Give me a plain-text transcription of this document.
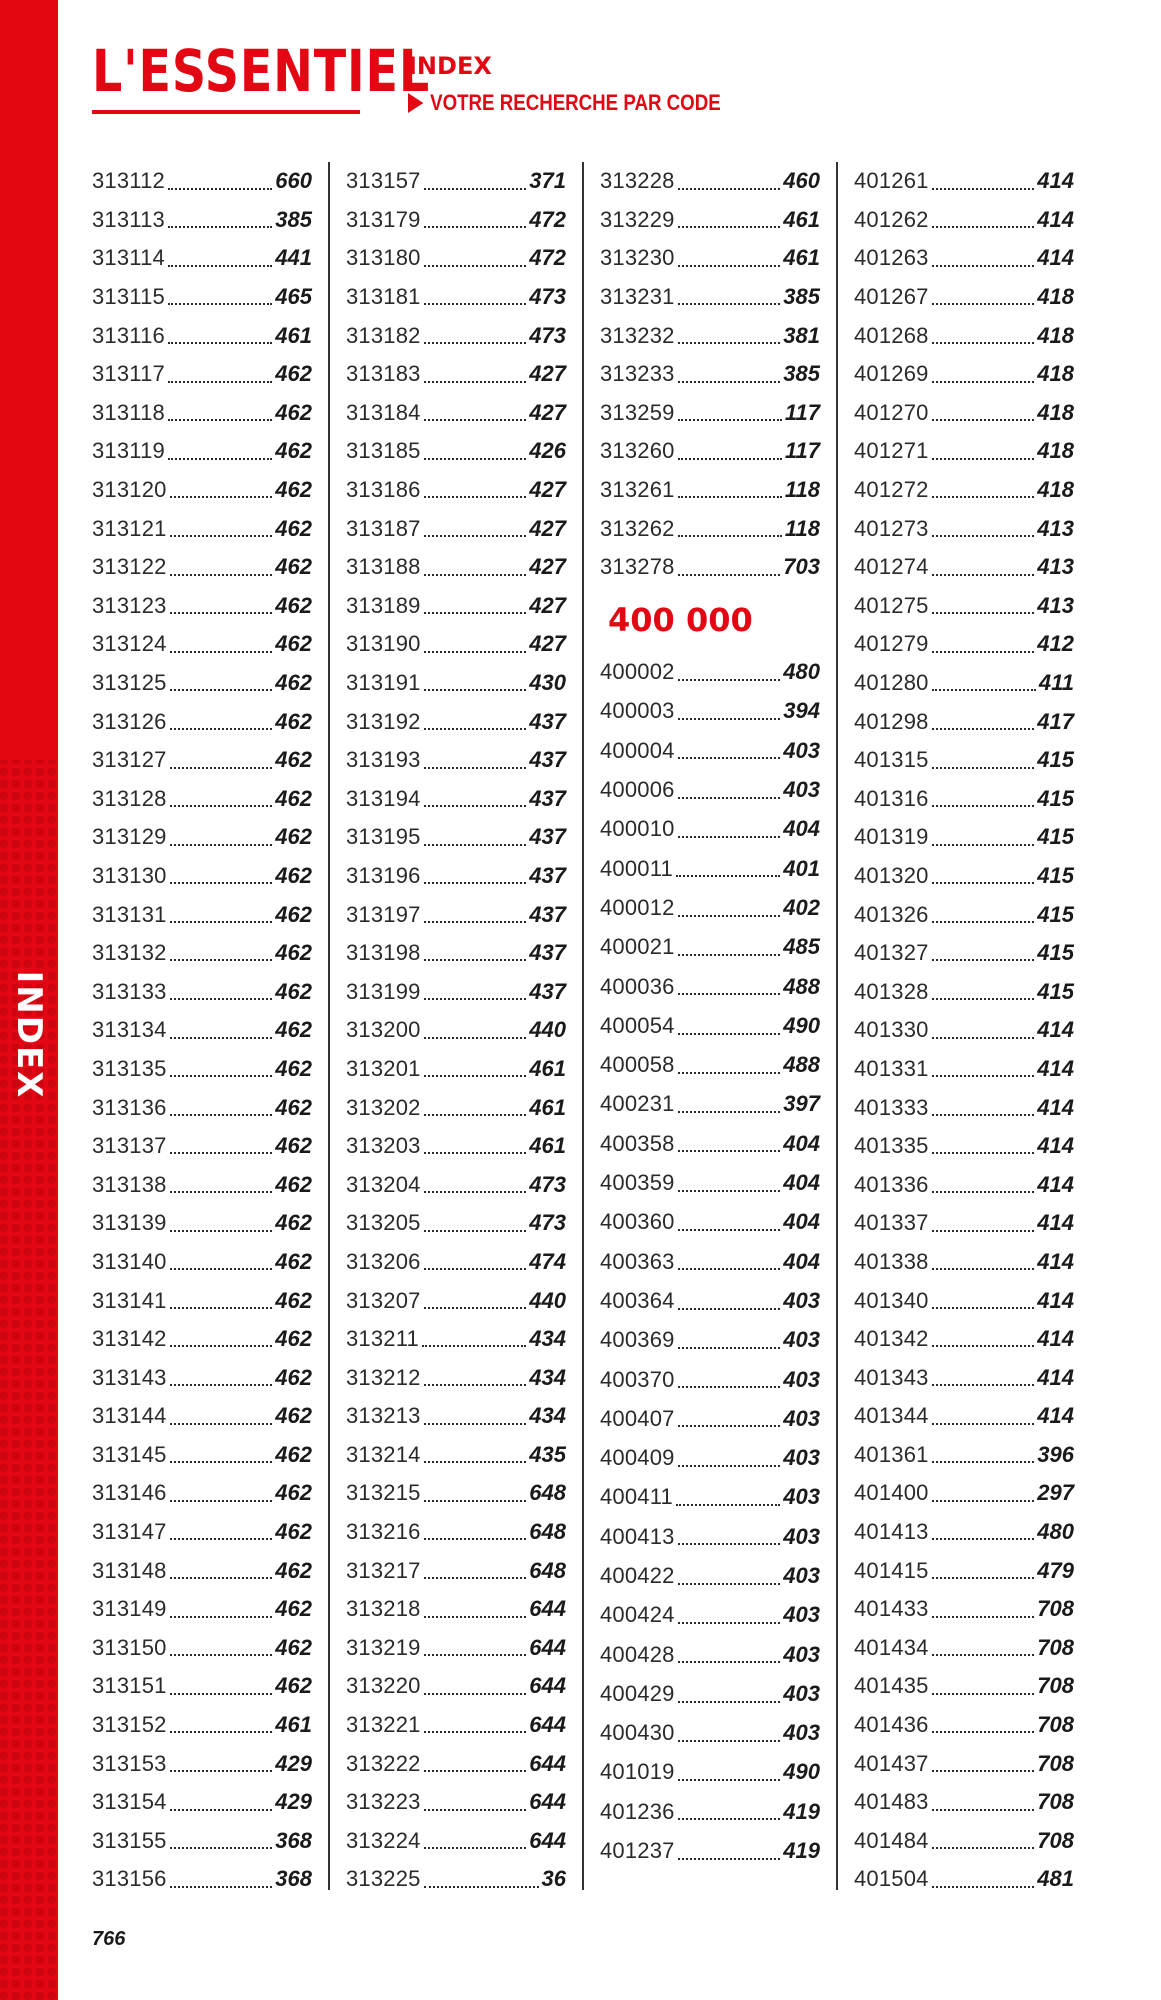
INDEX
L'ESSENTIEL
INDEX
VOTRE RECHERCHE PAR CODE
313112	660
313113	385
313114	441
313115	465
313116	461
313117	462
313118	462
313119	462
313120	462
313121	462
313122	462
313123	462
313124	462
313125	462
313126	462
313127	462
313128	462
313129	462
313130	462
313131	462
313132	462
313133	462
313134	462
313135	462
313136	462
313137	462
313138	462
313139	462
313140	462
313141	462
313142	462
313143	462
313144	462
313145	462
313146	462
313147	462
313148	462
313149	462
313150	462
313151	462
313152	461
313153	429
313154	429
313155	368
313156	368
313157	371
313179	472
313180	472
313181	473
313182	473
313183	427
313184	427
313185	426
313186	427
313187	427
313188	427
313189	427
313190	427
313191	430
313192	437
313193	437
313194	437
313195	437
313196	437
313197	437
313198	437
313199	437
313200	440
313201	461
313202	461
313203	461
313204	473
313205	473
313206	474
313207	440
313211	434
313212	434
313213	434
313214	435
313215	648
313216	648
313217	648
313218	644
313219	644
313220	644
313221	644
313222	644
313223	644
313224	644
313225	36
313228	460
313229	461
313230	461
313231	385
313232	381
313233	385
313259	117
313260	117
313261	118
313262	118
313278	703
400 000
400002	480
400003	394
400004	403
400006	403
400010	404
400011	401
400012	402
400021	485
400036	488
400054	490
400058	488
400231	397
400358	404
400359	404
400360	404
400363	404
400364	403
400369	403
400370	403
400407	403
400409	403
400411	403
400413	403
400422	403
400424	403
400428	403
400429	403
400430	403
401019	490
401236	419
401237	419
401261	414
401262	414
401263	414
401267	418
401268	418
401269	418
401270	418
401271	418
401272	418
401273	413
401274	413
401275	413
401279	412
401280	411
401298	417
401315	415
401316	415
401319	415
401320	415
401326	415
401327	415
401328	415
401330	414
401331	414
401333	414
401335	414
401336	414
401337	414
401338	414
401340	414
401342	414
401343	414
401344	414
401361	396
401400	297
401413	480
401415	479
401433	708
401434	708
401435	708
401436	708
401437	708
401483	708
401484	708
401504	481
766
